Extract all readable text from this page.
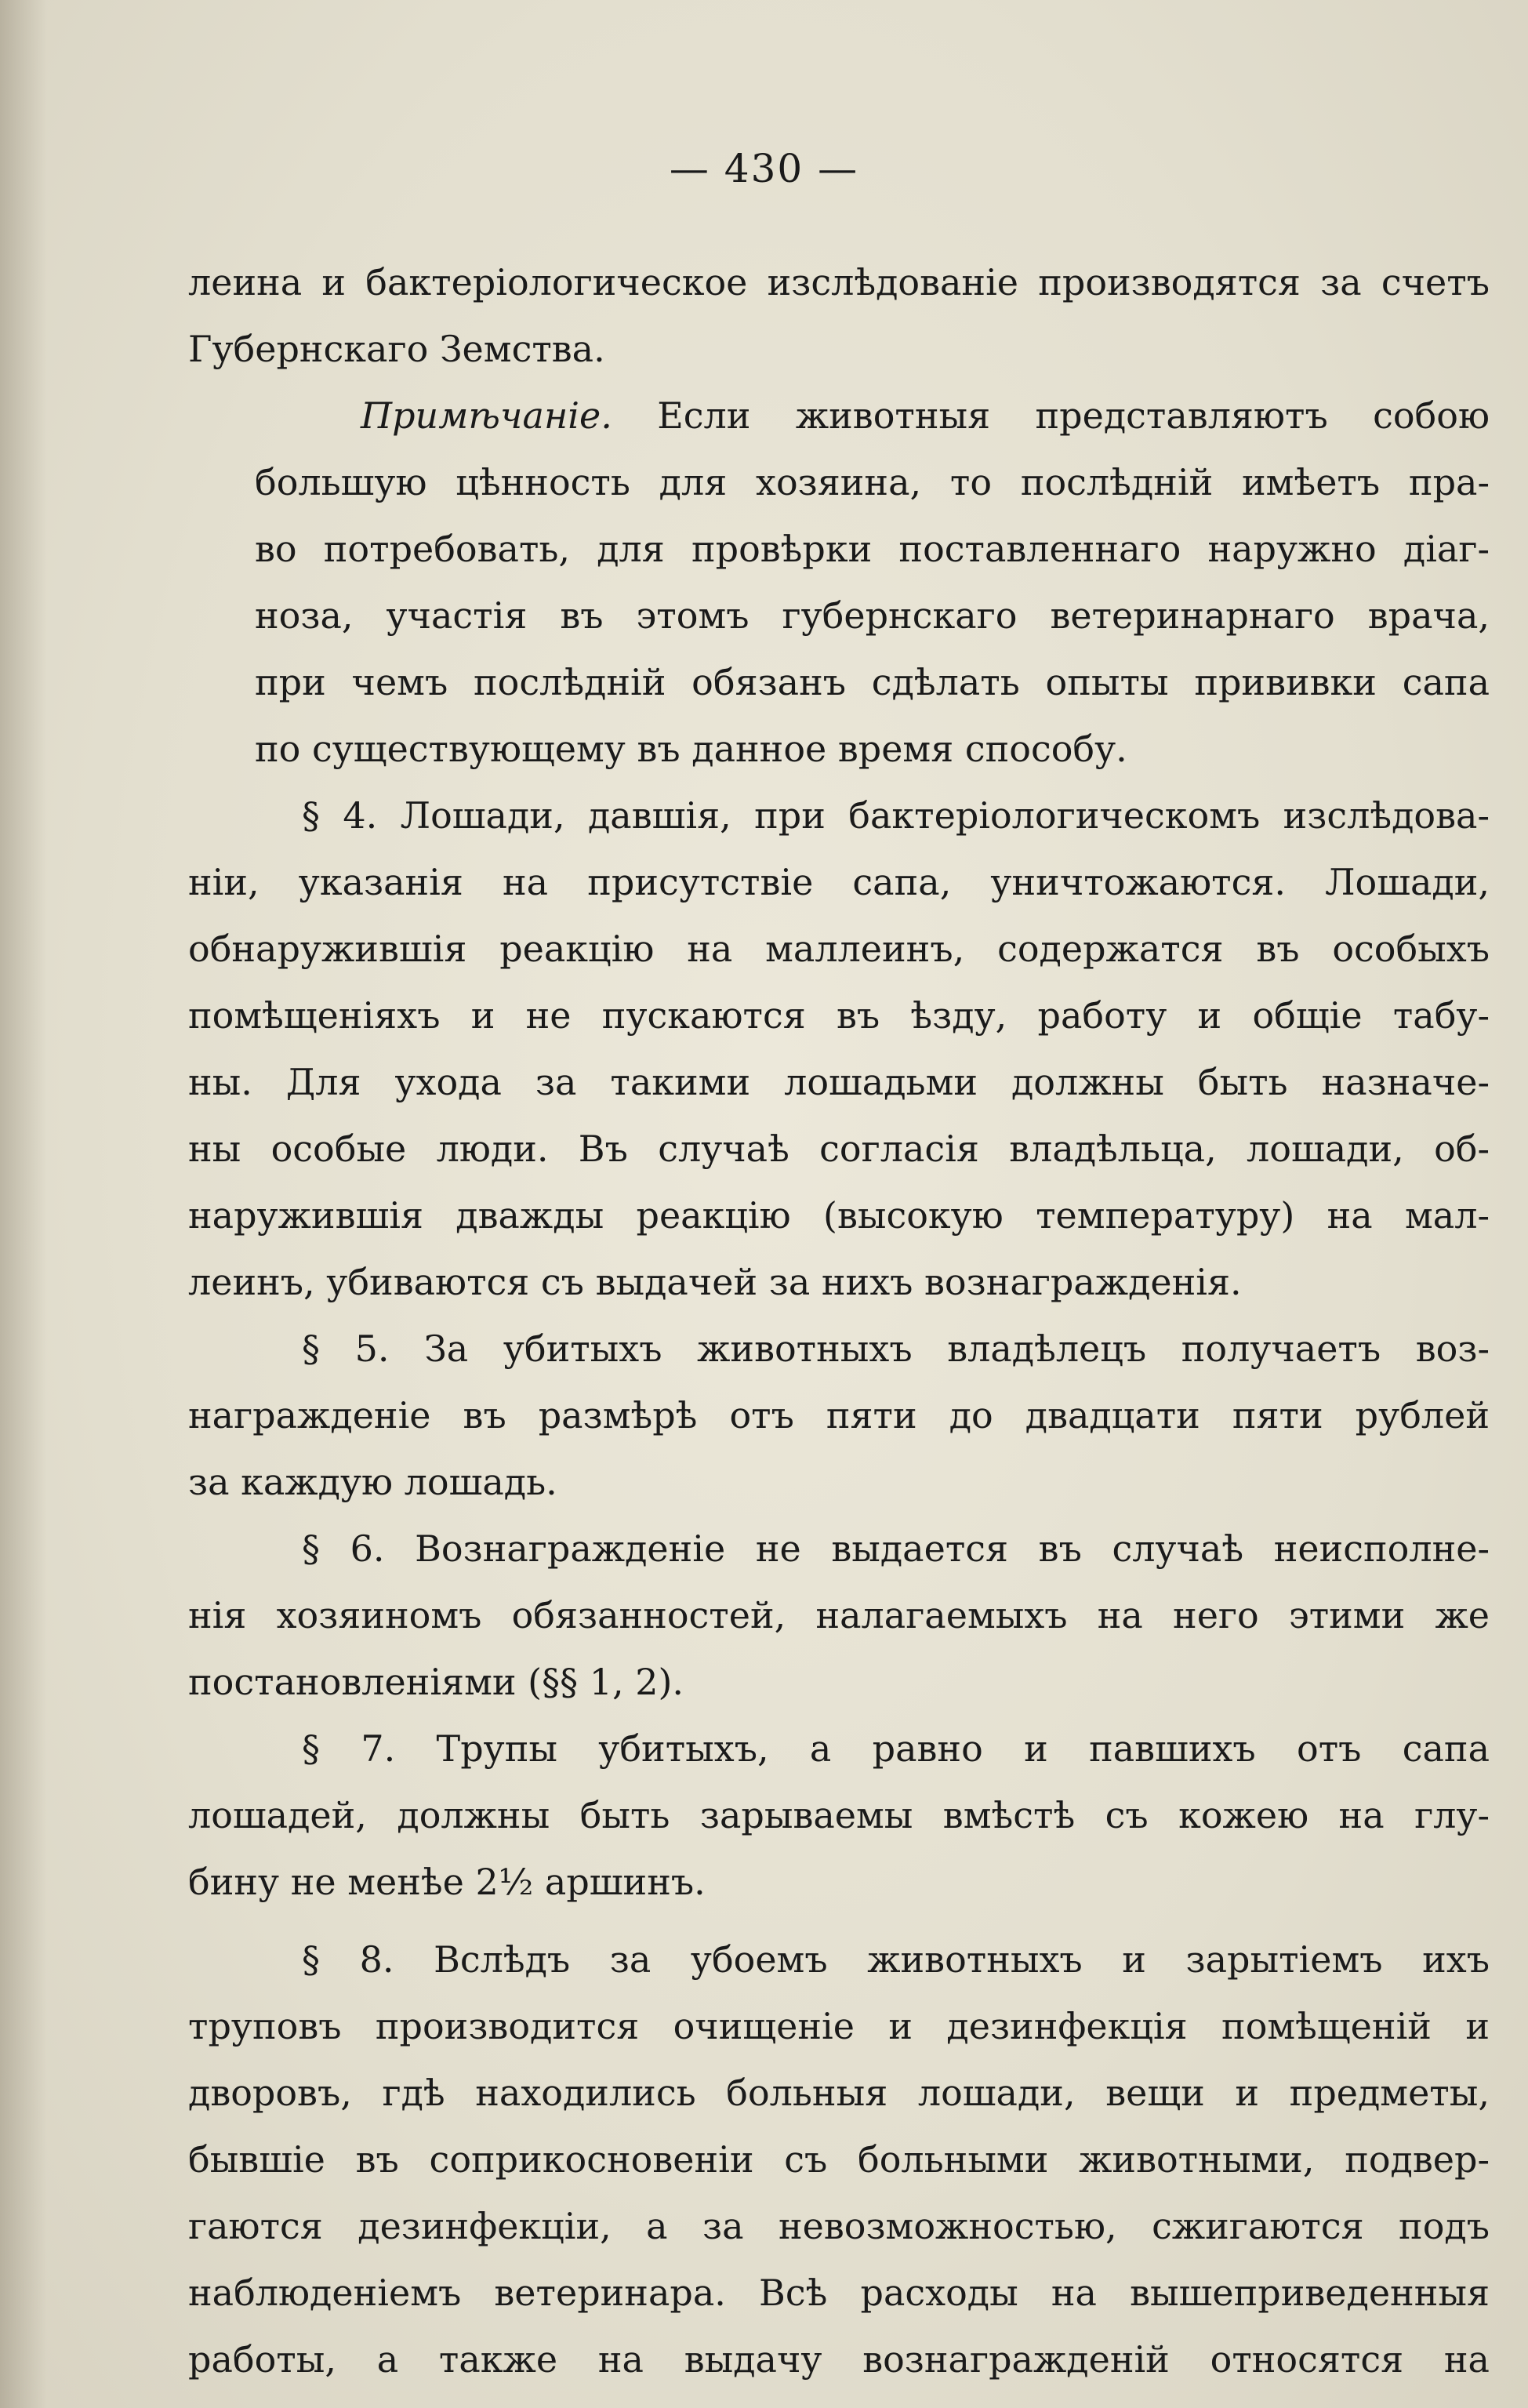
— 430 —
леина и бактеріологическое изслѣдованіе производятся за счетъ
Губернскаго Земства.
Примѣчаніе. Если животныя представляютъ собою
большую цѣнность для хозяина, то послѣдній имѣетъ пра-
во потребовать, для провѣрки поставленнаго наружно діаг-
ноза, участія въ этомъ губернскаго ветеринарнаго врача,
при чемъ послѣдній обязанъ сдѣлать опыты прививки сапа
по существующему въ данное время способу.
§ 4. Лошади, давшія, при бактеріологическомъ изслѣдова-
ніи, указанія на присутствіе сапа, уничтожаются. Лошади,
обнаружившія реакцію на маллеинъ, содержатся въ особыхъ
помѣщеніяхъ и не пускаются въ ѣзду, работу и общіе табу-
ны. Для ухода за такими лошадьми должны быть назначе-
ны особые люди. Въ случаѣ согласія владѣльца, лошади, об-
наружившія дважды реакцію (высокую температуру) на мал-
леинъ, убиваются съ выдачей за нихъ вознагражденія.
§ 5. За убитыхъ животныхъ владѣлецъ получаетъ воз-
награжденіе въ размѣрѣ отъ пяти до двадцати пяти рублей
за каждую лошадь.
§ 6. Вознагражденіе не выдается въ случаѣ неисполне-
нія хозяиномъ обязанностей, налагаемыхъ на него этими же
постановленіями (§§ 1, 2).
§ 7. Трупы убитыхъ, а равно и павшихъ отъ сапа
лошадей, должны быть зарываемы вмѣстѣ съ кожею на глу-
бину не менѣе 2½ аршинъ.
§ 8. Вслѣдъ за убоемъ животныхъ и зарытіемъ ихъ
труповъ производится очищеніе и дезинфекція помѣщеній и
дворовъ, гдѣ находились больныя лошади, вещи и предметы,
бывшіе въ соприкосновеніи съ больными животными, подвер-
гаются дезинфекціи, а за невозможностью, сжигаются подъ
наблюденіемъ ветеринара. Всѣ расходы на вышеприведенныя
работы, а также на выдачу вознагражденій относятся на
